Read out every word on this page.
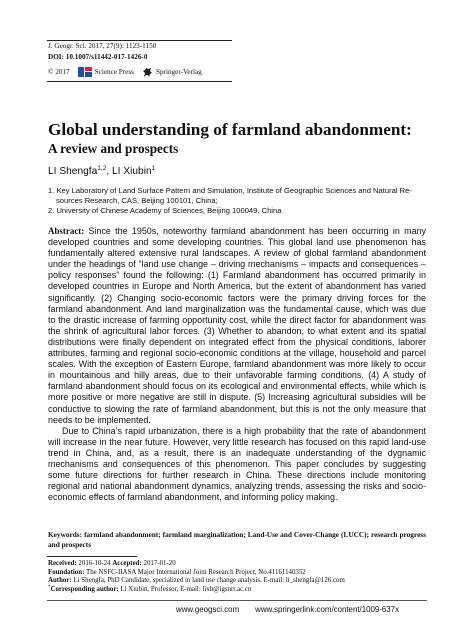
J. Geogr. Sci. 2017, 27(9): 1123-1150
DOI: 10.1007/s11442-017-1426-0
© 2017	Science Press	Springer-Verlag
Global understanding of farmland abandonment:
A review and prospects
LI Shengfa$^{1,2}$, LI Xiubin$^1$
1. Key Laboratory of Land Surface Pattern and Simulation, Institute of Geographic Sciences and Natural Re-
sources Research, CAS, Beijing 100101, China;
2. University of Chinese Academy of Sciences, Beijing 100049, China

Abstract: Since the 1950s, noteworthy farmland abandonment has been occurring in many developed countries and some developing countries. This global land use phenomenon has fundamentally altered extensive rural landscapes. A review of global farmland abandonment under the headings of “land use change – driving mechanisms – impacts and consequences – policy responses” found the following: (1) Farmland abandonment has occurred primarily in developed countries in Europe and North America, but the extent of abandonment has varied significantly. (2) Changing socio-economic factors were the primary driving forces for the farmland abandonment. And land marginalization was the fundamental cause, which was due to the drastic increase of farming opportunity cost, while the direct factor for abandonment was the shrink of agricultural labor forces. (3) Whether to abandon, to what extent and its spatial distributions were finally dependent on integrated effect from the physical conditions, laborer attributes, farming and regional socio-economic conditions at the village, household and parcel scales. With the exception of Eastern Europe, farmland abandonment was more likely to occur in mountainous and hilly areas, due to their unfavorable farming conditions. (4) A study of farmland abandonment should focus on its ecological and environmental effects, while which is more positive or more negative are still in dispute. (5) Increasing agricultural subsidies will be conductive to slowing the rate of farmland abandonment, but this is not the only measure that needs to be implemented.

Due to China’s rapid urbanization, there is a high probability that the rate of abandonment will increase in the near future. However, very little research has focused on this rapid land-use trend in China, and, as a result, there is an inadequate understanding of the dygnamic mechanisms and consequences of this phenomenon. This paper concludes by suggesting some future directions for further research in China. These directions include monitoring regional and national abandonment dynamics, analyzing trends, assessing the risks and socio-economic effects of farmland abandonment, and informing policy making.

Keywords: farmland abandonment; farmland marginalization; Land-Use and Cover-Change (LUCC); research progress and prospects

Received: 2016-10-24 Accepted: 2017-01-20

Foundation: The NSFC-IIASA Major International Joint Research Project, No.41161140352

Author: Li Shengfa, PhD Candidate, specialized in land use change analysis. E-mail: li_shengfa@126.com

*Corresponding author: Li Xiubin, Professor, E-mail: lixb@igsnrr.ac.cn

www.geogsci.com www.springerlink.com/content/1009-637x
